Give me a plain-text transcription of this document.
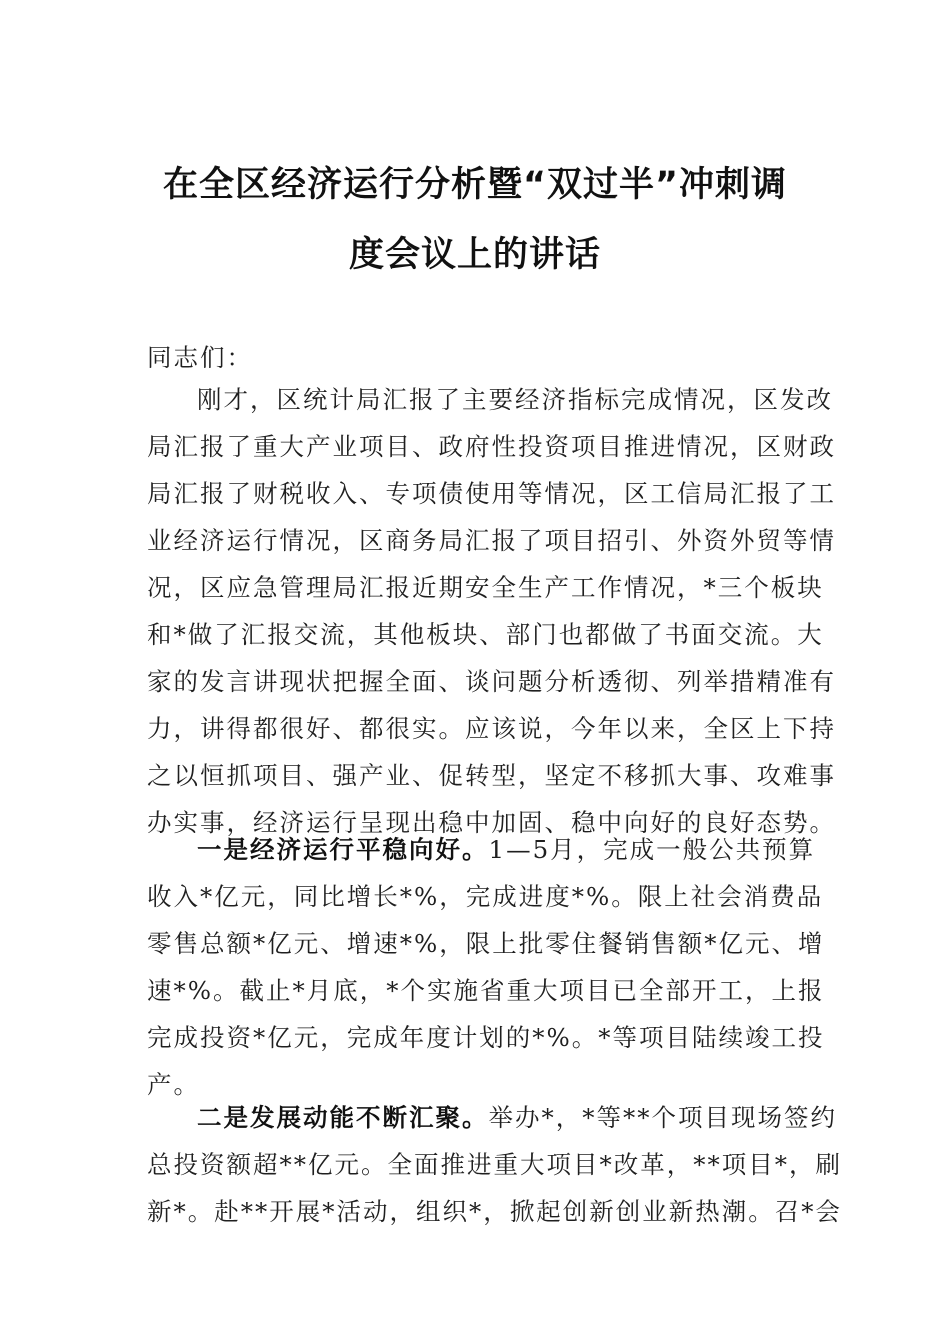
在全区经济运行分析暨“双过半”冲刺调
度会议上的讲话
同志们：
刚才，区统计局汇报了主要经济指标完成情况，区发改
局汇报了重大产业项目、政府性投资项目推进情况，区财政
局汇报了财税收入、专项债使用等情况，区工信局汇报了工
业经济运行情况，区商务局汇报了项目招引、外资外贸等情
况，区应急管理局汇报近期安全生产工作情况，*三个板块
和*做了汇报交流，其他板块、部门也都做了书面交流。大
家的发言讲现状把握全面、谈问题分析透彻、列举措精准有
力，讲得都很好、都很实。应该说，今年以来，全区上下持
之以恒抓项目、强产业、促转型，坚定不移抓大事、攻难事
办实事，经济运行呈现出稳中加固、稳中向好的良好态势。
一是经济运行平稳向好。1—5月，完成一般公共预算
收入*亿元，同比增长*%，完成进度*%。限上社会消费品
零售总额*亿元、增速*%，限上批零住餐销售额*亿元、增
速*%。截止*月底，*个实施省重大项目已全部开工，上报
完成投资*亿元，完成年度计划的*%。*等项目陆续竣工投
产。
二是发展动能不断汇聚。举办*，*等**个项目现场签约
总投资额超**亿元。全面推进重大项目*改革，**项目*，刷
新*。赴**开展*活动，组织*，掀起创新创业新热潮。召*会
